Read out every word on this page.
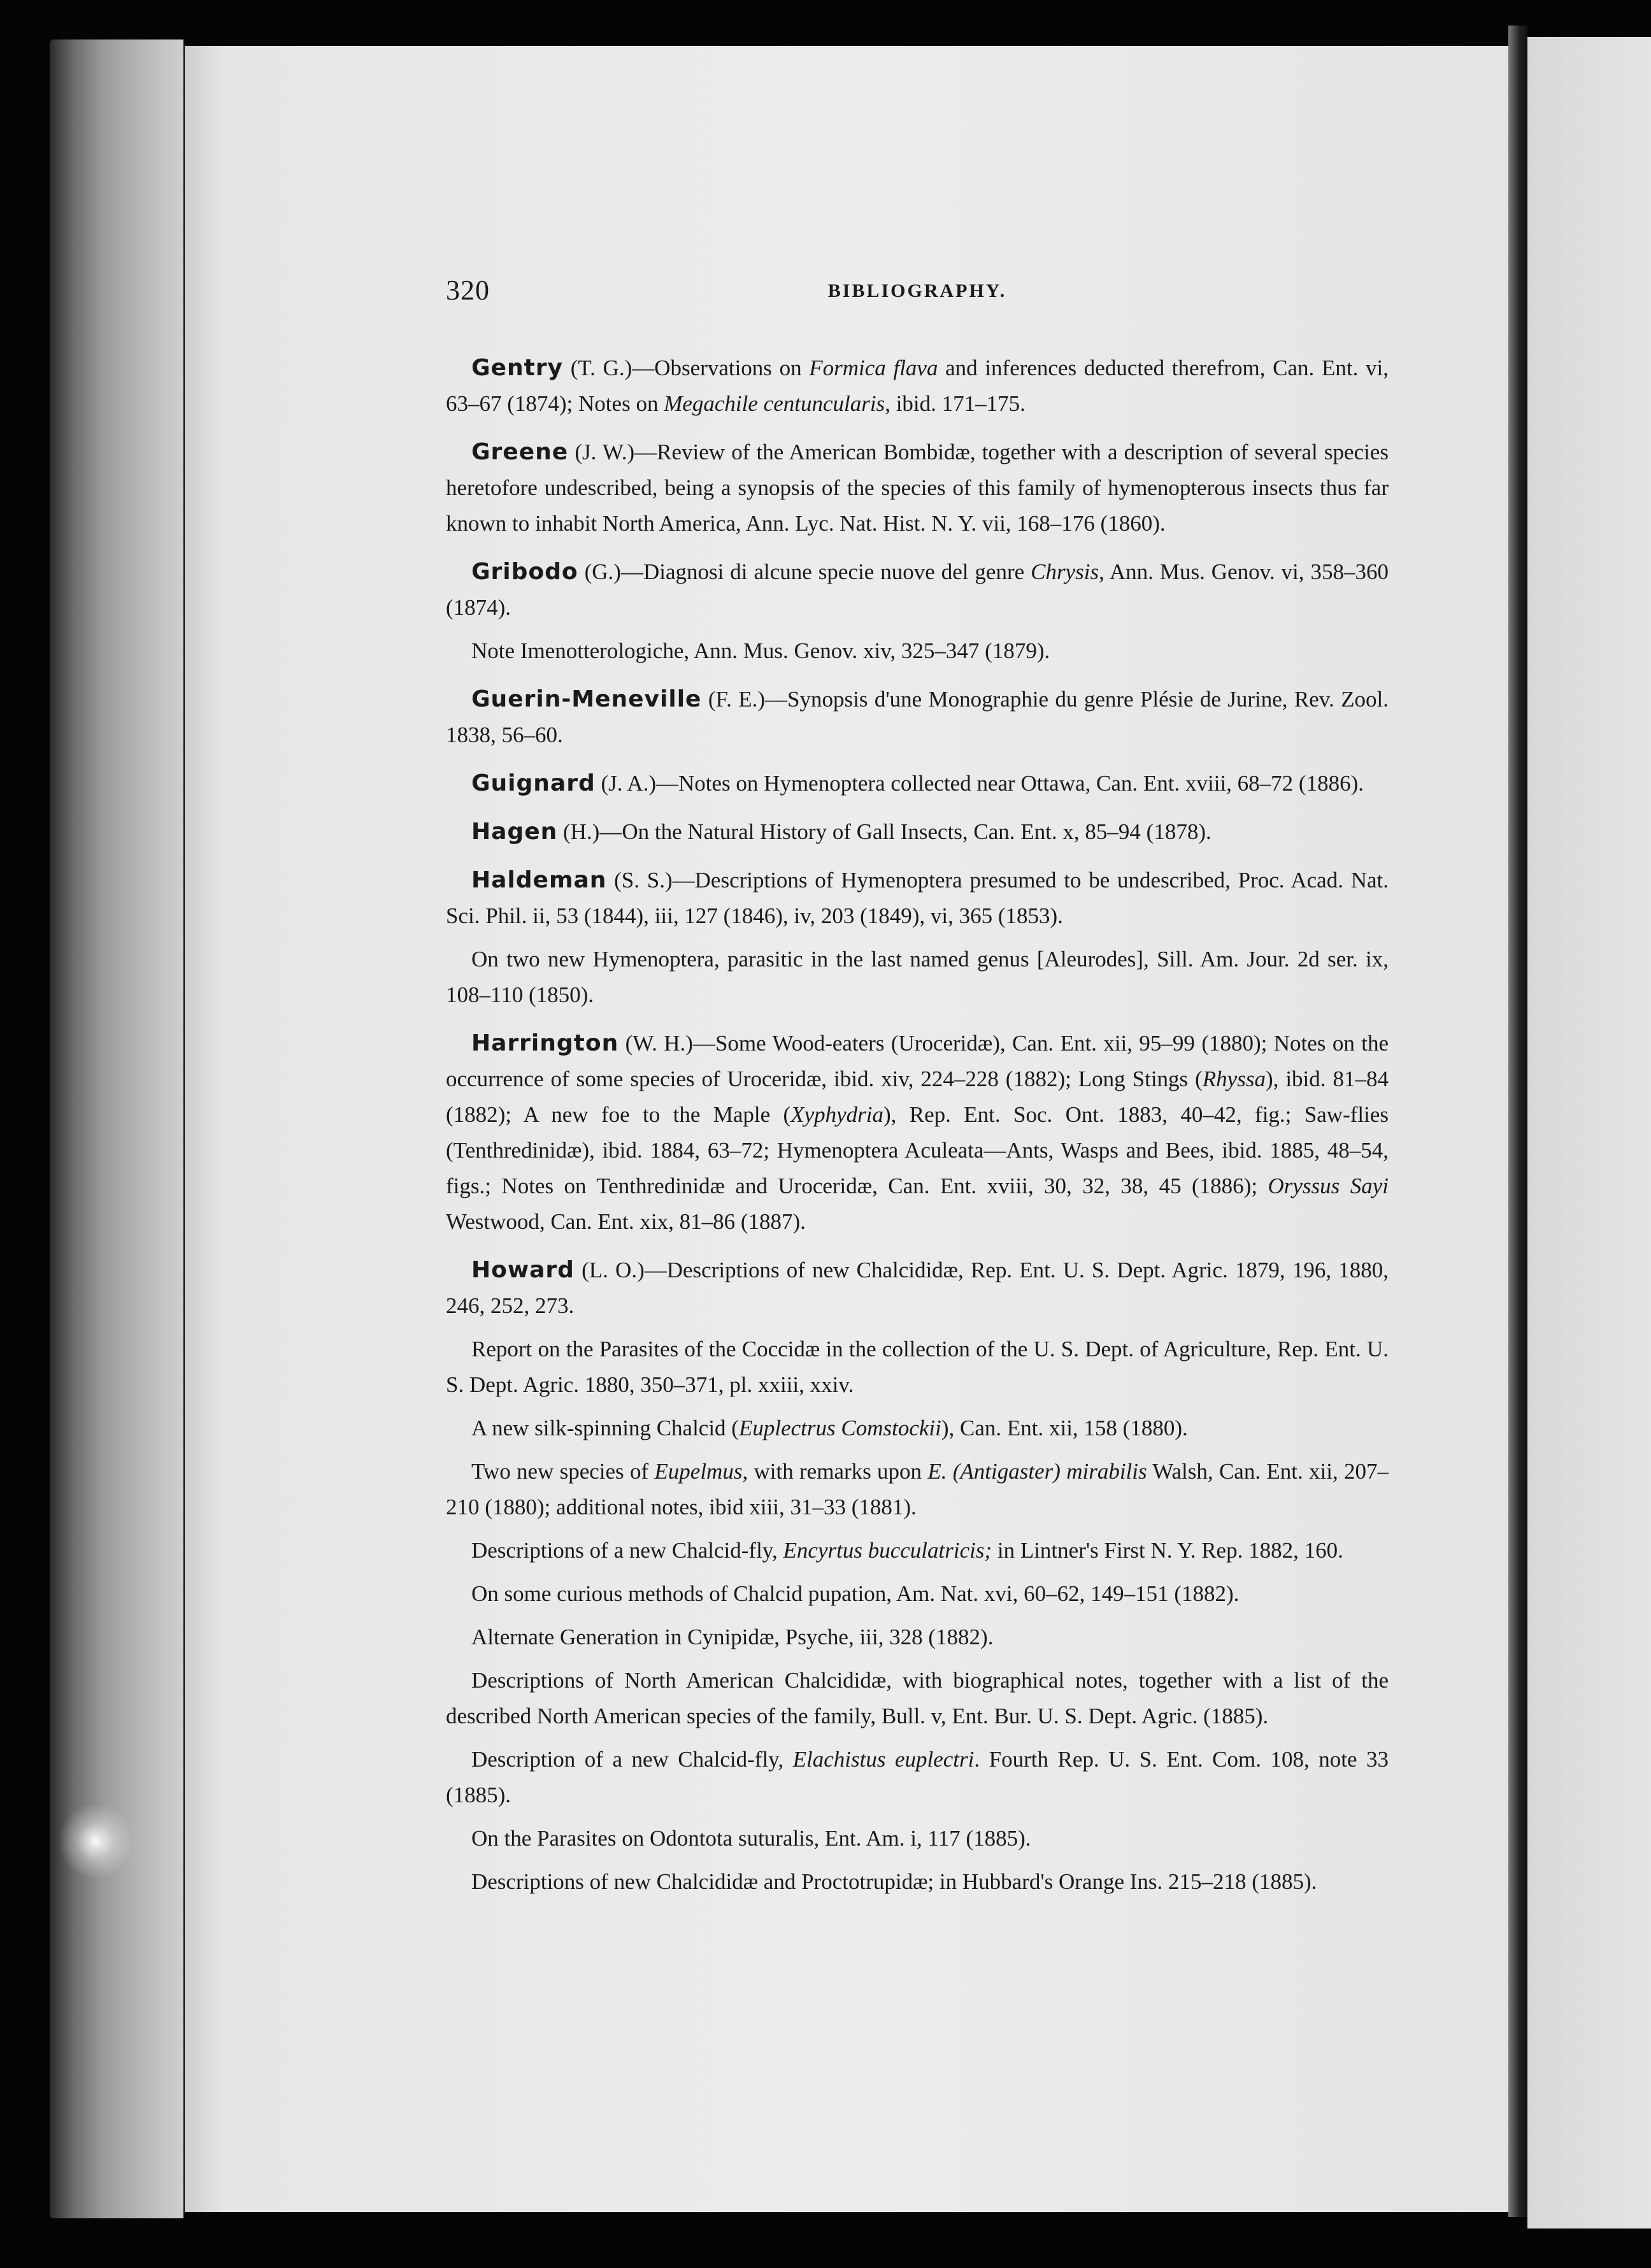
320	BIBLIOGRAPHY.

Gentry (T. G.)—Observations on Formica flava and inferences deducted therefrom, Can. Ent. vi, 63–67 (1874); Notes on Megachile centuncularis, ibid. 171–175.

Greene (J. W.)—Review of the American Bombidæ, together with a description of several species heretofore undescribed, being a synopsis of the species of this family of hymenopterous insects thus far known to inhabit North America, Ann. Lyc. Nat. Hist. N. Y. vii, 168–176 (1860).

Gribodo (G.)—Diagnosi di alcune specie nuove del genre Chrysis, Ann. Mus. Genov. vi, 358–360 (1874).

Note Imenotterologiche, Ann. Mus. Genov. xiv, 325–347 (1879).

Guerin-Meneville (F. E.)—Synopsis d'une Monographie du genre Plésie de Jurine, Rev. Zool. 1838, 56–60.

Guignard (J. A.)—Notes on Hymenoptera collected near Ottawa, Can. Ent. xviii, 68–72 (1886).

Hagen (H.)—On the Natural History of Gall Insects, Can. Ent. x, 85–94 (1878).

Haldeman (S. S.)—Descriptions of Hymenoptera presumed to be undescribed, Proc. Acad. Nat. Sci. Phil. ii, 53 (1844), iii, 127 (1846), iv, 203 (1849), vi, 365 (1853).

On two new Hymenoptera, parasitic in the last named genus [Aleurodes], Sill. Am. Jour. 2d ser. ix, 108–110 (1850).

Harrington (W. H.)—Some Wood-eaters (Uroceridæ), Can. Ent. xii, 95–99 (1880); Notes on the occurrence of some species of Uroceridæ, ibid. xiv, 224–228 (1882); Long Stings (Rhyssa), ibid. 81–84 (1882); A new foe to the Maple (Xyphydria), Rep. Ent. Soc. Ont. 1883, 40–42, fig.; Saw-flies (Tenthredinidæ), ibid. 1884, 63–72; Hymenoptera Aculeata—Ants, Wasps and Bees, ibid. 1885, 48–54, figs.; Notes on Tenthredinidæ and Uroceridæ, Can. Ent. xviii, 30, 32, 38, 45 (1886); Oryssus Sayi Westwood, Can. Ent. xix, 81–86 (1887).

Howard (L. O.)—Descriptions of new Chalcididæ, Rep. Ent. U. S. Dept. Agric. 1879, 196, 1880, 246, 252, 273.

Report on the Parasites of the Coccidæ in the collection of the U. S. Dept. of Agriculture, Rep. Ent. U. S. Dept. Agric. 1880, 350–371, pl. xxiii, xxiv.

A new silk-spinning Chalcid (Euplectrus Comstockii), Can. Ent. xii, 158 (1880).

Two new species of Eupelmus, with remarks upon E. (Antigaster) mirabilis Walsh, Can. Ent. xii, 207–210 (1880); additional notes, ibid xiii, 31–33 (1881).

Descriptions of a new Chalcid-fly, Encyrtus bucculatricis; in Lintner's First N. Y. Rep. 1882, 160.

On some curious methods of Chalcid pupation, Am. Nat. xvi, 60–62, 149–151 (1882).

Alternate Generation in Cynipidæ, Psyche, iii, 328 (1882).

Descriptions of North American Chalcididæ, with biographical notes, together with a list of the described North American species of the family, Bull. v, Ent. Bur. U. S. Dept. Agric. (1885).

Description of a new Chalcid-fly, Elachistus euplectri. Fourth Rep. U. S. Ent. Com. 108, note 33 (1885).

On the Parasites on Odontota suturalis, Ent. Am. i, 117 (1885).

Descriptions of new Chalcididæ and Proctotrupidæ; in Hubbard's Orange Ins. 215–218 (1885).
